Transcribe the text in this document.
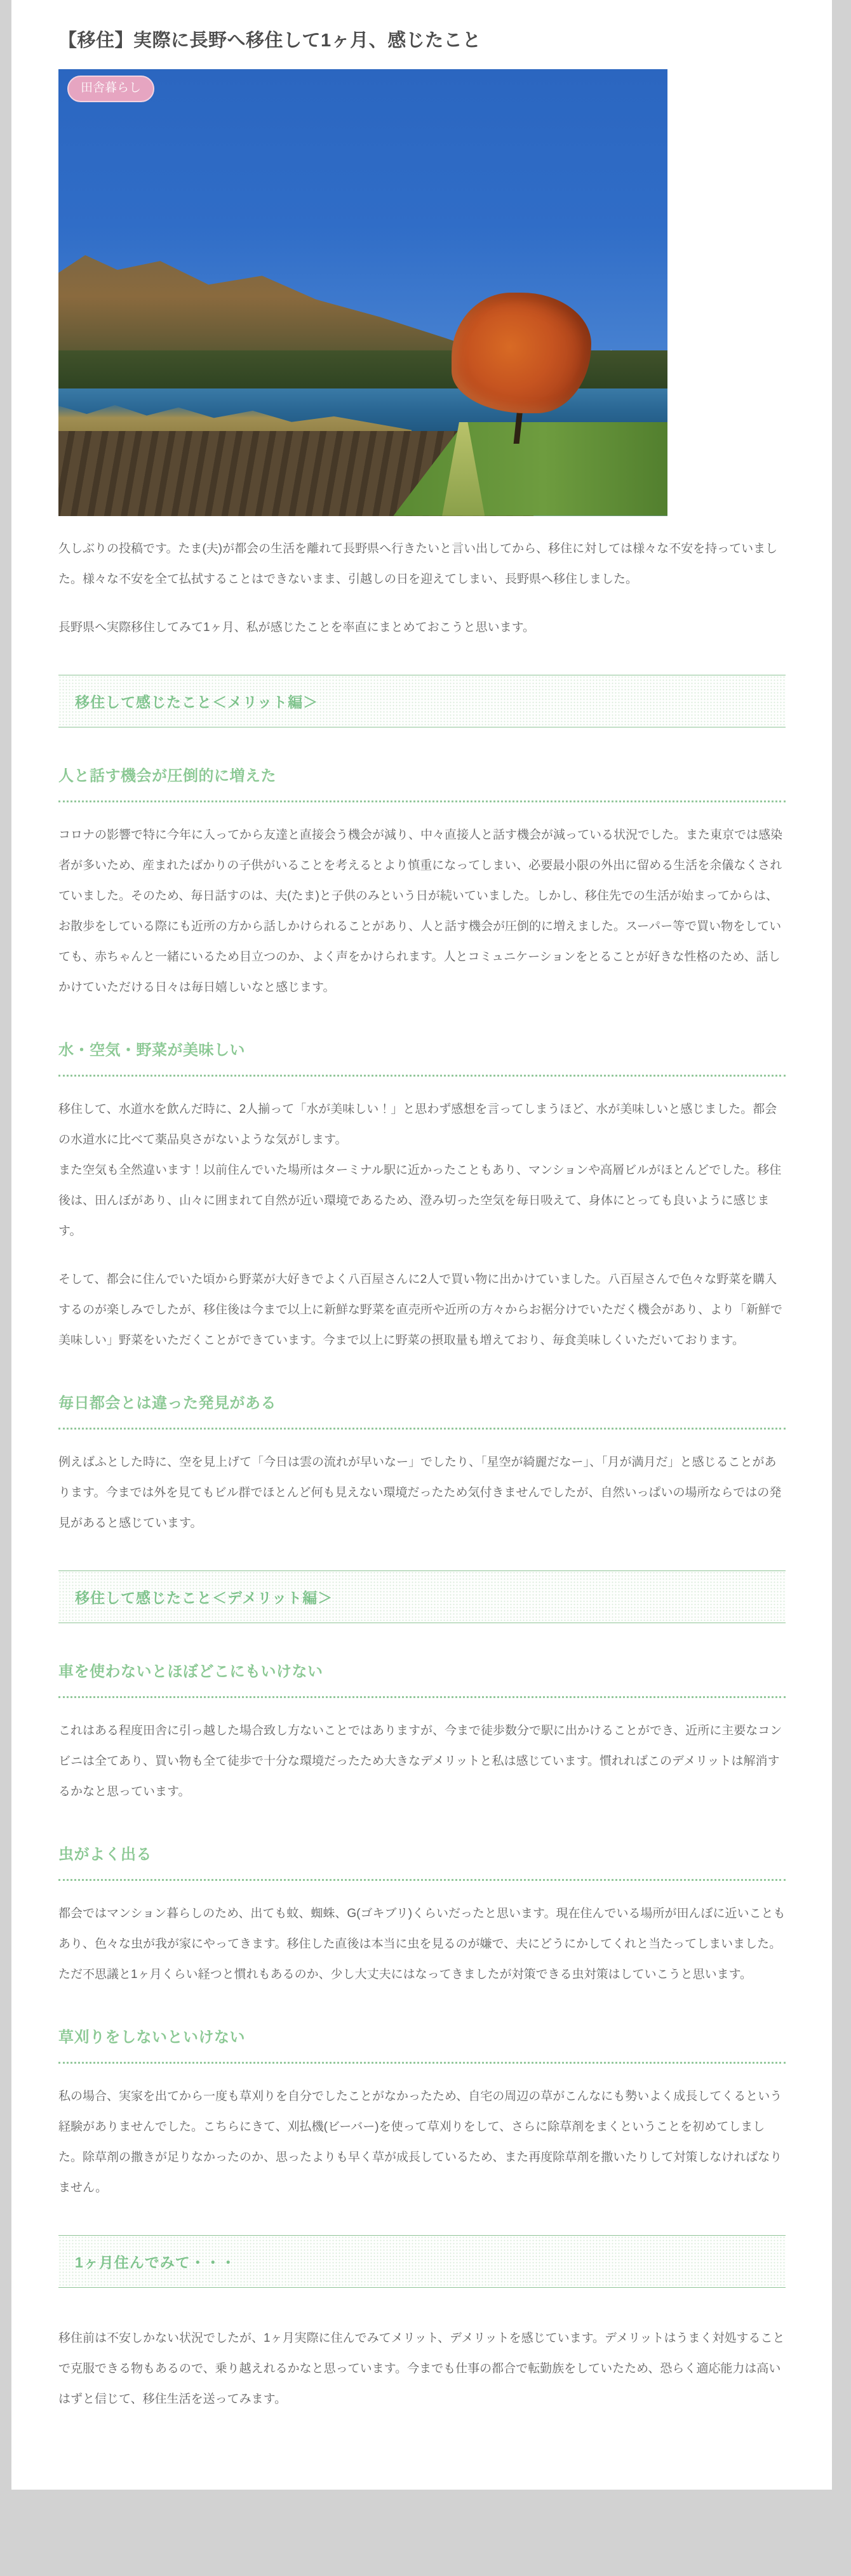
【移住】実際に長野へ移住して1ヶ月、感じたこと
田舎暮らし

久しぶりの投稿です。たま(夫)が都会の生活を離れて長野県へ行きたいと言い出してから、移住に対しては様々な不安を持っていました。様々な不安を全て払拭することはできないまま、引越しの日を迎えてしまい、長野県へ移住しました。

長野県へ実際移住してみて1ヶ月、私が感じたことを率直にまとめておこうと思います。

移住して感じたこと＜メリット編＞
人と話す機会が圧倒的に増えた

コロナの影響で特に今年に入ってから友達と直接会う機会が減り、中々直接人と話す機会が減っている状況でした。また東京では感染者が多いため、産まれたばかりの子供がいることを考えるとより慎重になってしまい、必要最小限の外出に留める生活を余儀なくされていました。そのため、毎日話すのは、夫(たま)と子供のみという日が続いていました。しかし、移住先での生活が始まってからは、お散歩をしている際にも近所の方から話しかけられることがあり、人と話す機会が圧倒的に増えました。スーパー等で買い物をしていても、赤ちゃんと一緒にいるため目立つのか、よく声をかけられます。人とコミュニケーションをとることが好きな性格のため、話しかけていただける日々は毎日嬉しいなと感じます。

水・空気・野菜が美味しい

移住して、水道水を飲んだ時に、2人揃って「水が美味しい！」と思わず感想を言ってしまうほど、水が美味しいと感じました。都会の水道水に比べて薬品臭さがないような気がします。

また空気も全然違います！以前住んでいた場所はターミナル駅に近かったこともあり、マンションや高層ビルがほとんどでした。移住後は、田んぼがあり、山々に囲まれて自然が近い環境であるため、澄み切った空気を毎日吸えて、身体にとっても良いように感じます。

そして、都会に住んでいた頃から野菜が大好きでよく八百屋さんに2人で買い物に出かけていました。八百屋さんで色々な野菜を購入するのが楽しみでしたが、移住後は今まで以上に新鮮な野菜を直売所や近所の方々からお裾分けでいただく機会があり、より「新鮮で美味しい」野菜をいただくことができています。今まで以上に野菜の摂取量も増えており、毎食美味しくいただいております。

毎日都会とは違った発見がある

例えばふとした時に、空を見上げて「今日は雲の流れが早いなー」でしたり、「星空が綺麗だなー」、「月が満月だ」と感じることがあります。今までは外を見てもビル群でほとんど何も見えない環境だったため気付きませんでしたが、自然いっぱいの場所ならではの発見があると感じています。

移住して感じたこと＜デメリット編＞
車を使わないとほぼどこにもいけない

これはある程度田舎に引っ越した場合致し方ないことではありますが、今まで徒歩数分で駅に出かけることができ、近所に主要なコンビニは全てあり、買い物も全て徒歩で十分な環境だったため大きなデメリットと私は感じています。慣れればこのデメリットは解消するかなと思っています。

虫がよく出る

都会ではマンション暮らしのため、出ても蚊、蜘蛛、G(ゴキブリ)くらいだったと思います。現在住んでいる場所が田んぼに近いこともあり、色々な虫が我が家にやってきます。移住した直後は本当に虫を見るのが嫌で、夫にどうにかしてくれと当たってしまいました。ただ不思議と1ヶ月くらい経つと慣れもあるのか、少し大丈夫にはなってきましたが対策できる虫対策はしていこうと思います。

草刈りをしないといけない

私の場合、実家を出てから一度も草刈りを自分でしたことがなかったため、自宅の周辺の草がこんなにも勢いよく成長してくるという経験がありませんでした。こちらにきて、刈払機(ビーバー)を使って草刈りをして、さらに除草剤をまくということを初めてしました。除草剤の撒きが足りなかったのか、思ったよりも早く草が成長しているため、また再度除草剤を撒いたりして対策しなければなりません。

1ヶ月住んでみて・・・

移住前は不安しかない状況でしたが、1ヶ月実際に住んでみてメリット、デメリットを感じています。デメリットはうまく対処することで克服できる物もあるので、乗り越えれるかなと思っています。今までも仕事の都合で転勤族をしていたため、恐らく適応能力は高いはずと信じて、移住生活を送ってみます。
